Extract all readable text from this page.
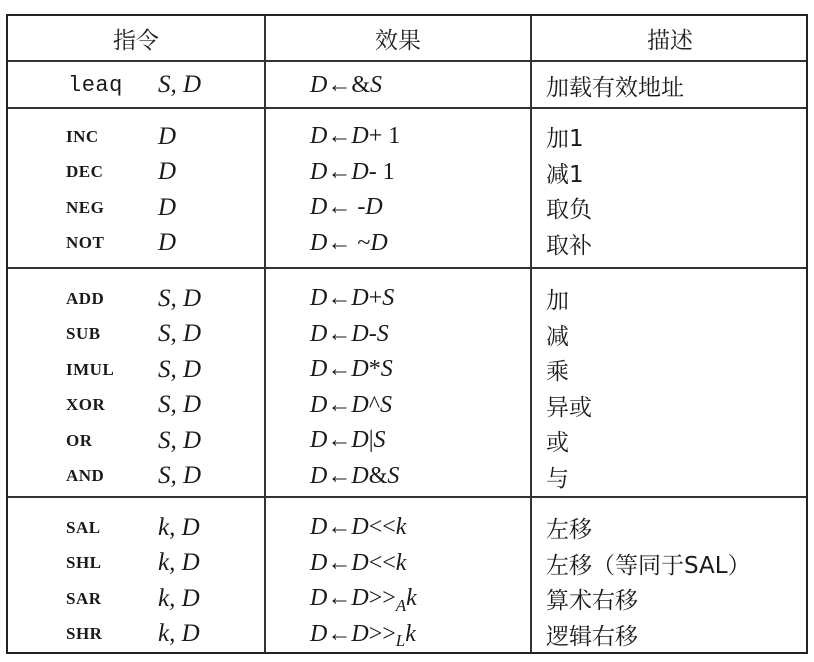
指令	效果	描述
leaq	S, D	D ← & S	加载有效地址
INC	D	D ← D + 1	加1
DEC	D	D ← D - 1	减1
NEG	D	D ← - D	取负
NOT	D	D ← ~ D	取补
ADD	S, D	D ← D + S	加
SUB	S, D	D ← D - S	减
IMUL	S, D	D ← D * S	乘
XOR	S, D	D ← D ^ S	异或
OR	S, D	D ← D | S	或
AND	S, D	D ← D & S	与
SAL	k, D	D ← D << k	左移
SHL	k, D	D ← D << k	左移（等同于SAL）
SAR	k, D	D ← D >> A k	算术右移
SHR	k, D	D ← D >> L k	逻辑右移
